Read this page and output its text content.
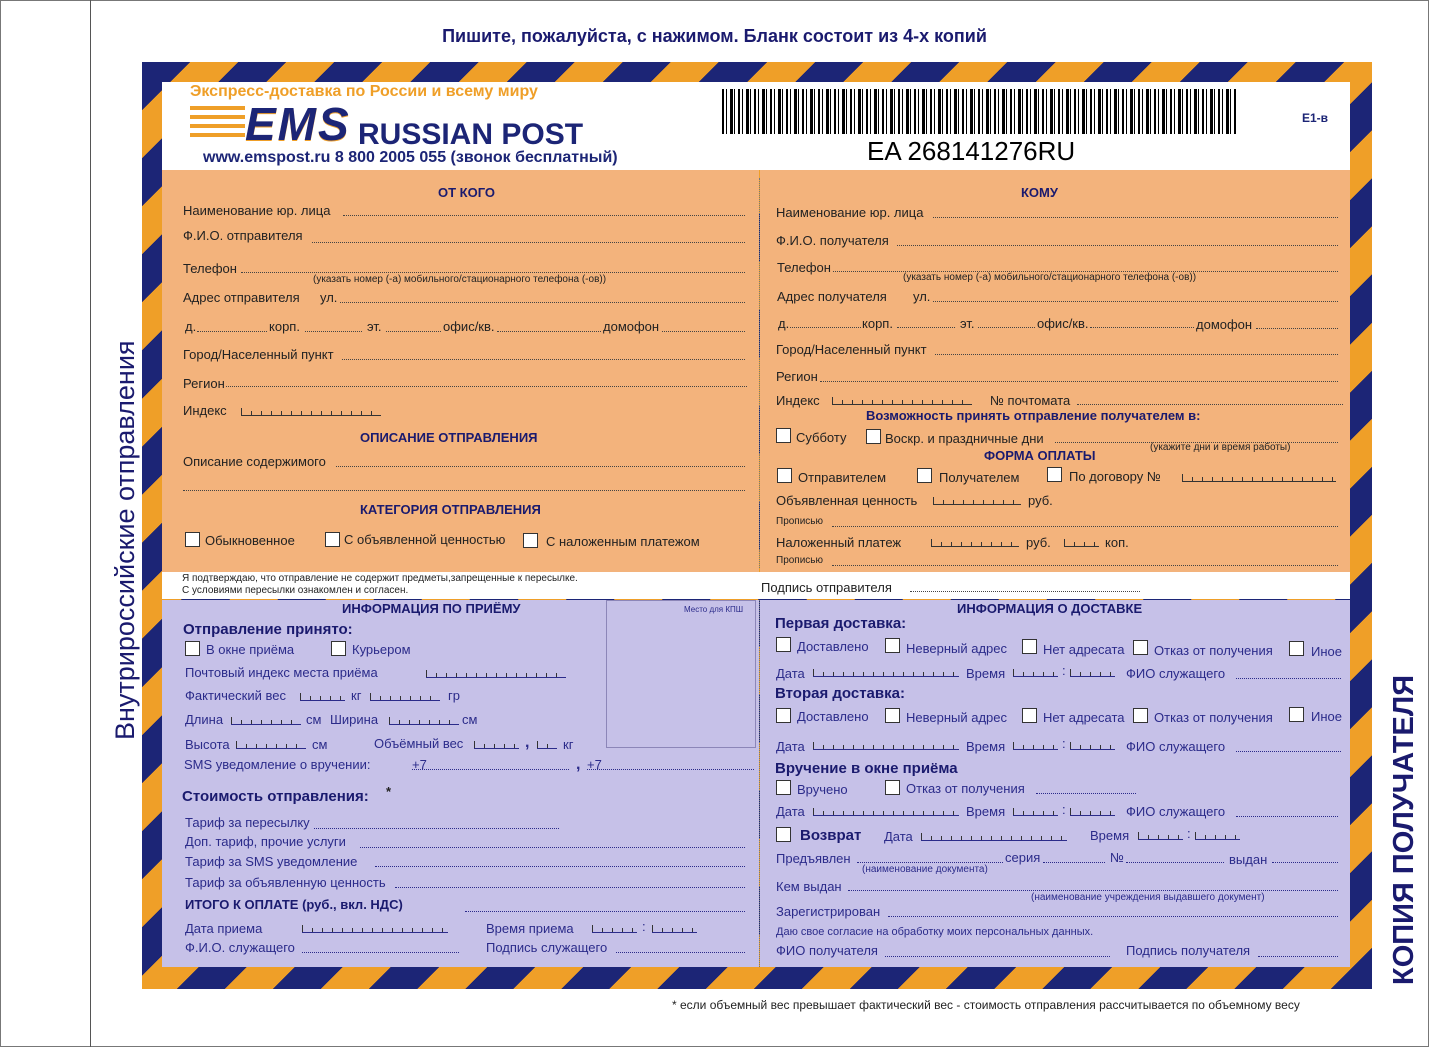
Внутрироссийские отправления
КОПИЯ ПОЛУЧАТЕЛЯ
Пишите, пожалуйста, с нажимом. Бланк состоит из 4-х копий
Экспресс-доставка по России и всему миру
EMS RUSSIAN POST
www.emspost.ru 8 800 2005 055 (звонок бесплатный)	EA 268141276RU
E1-в
ОТ КОГО
Наименование юр. лица
Ф.И.О. отправителя
Телефон
(указать номер (-а) мобильного/стационарного телефона (-ов))
Адрес отправителя ул.
д.	корп.	эт.	офис/кв.	домофон
Город/Населенный пункт
Регион
Индекс
ОПИСАНИЕ ОТПРАВЛЕНИЯ
Описание содержимого
КАТЕГОРИЯ ОТПРАВЛЕНИЯ
Обыкновенное	С объявленной ценностью	С наложенным платежом
КОМУ
Наименование юр. лица
Ф.И.О. получателя
Телефон
(указать номер (-а) мобильного/стационарного телефона (-ов))
Адрес получателя ул.
д.	корп.	эт.	офис/кв.	домофон
Город/Населенный пункт
Регион
Индекс	№ почтомата
Возможность принять отправление получателем в:
Субботу	Воскр. и праздничные дни
(укажите дни и время работы)
ФОРМА ОПЛАТЫ
Отправителем	Получателем	По договору №
Объявленная ценность	руб.
Прописью
Наложенный платеж	руб.	коп.
Прописью
Я подтверждаю, что отправление не содержит предметы,запрещенные к пересылке.
С условиями пересылки ознакомлен и согласен.	Подпись отправителя
Место для КПШ
ИНФОРМАЦИЯ ПО ПРИЁМУ
Отправление принято:
В окне приёма	Курьером
Почтовый индекс места приёма
Фактический вес	кг	гр
Длина	см Ширина	см
Высота	см	Объёмный вес	,	кг
SMS уведомление о вручении:	+7	, +7
Стоимость отправления: *
Тариф за пересылку
Доп. тариф, прочие услуги
Тариф за SMS уведомление
Тариф за объявленную ценность
ИТОГО К ОПЛАТЕ (руб., вкл. НДС)
Дата приема	Время приема	:
Ф.И.О. служащего	Подпись служащего
ИНФОРМАЦИЯ О ДОСТАВКЕ
Первая доставка:
Доставлено	Неверный адрес	Нет адресата Отказ от получения	Иное
Дата	Время	:	ФИО служащего
Вторая доставка:
Доставлено	Неверный адрес	Нет адресата Отказ от получения	Иное
Дата	Время	:	ФИО служащего
Вручение в окне приёма
Вручено	Отказ от получения
Дата	Время	:	ФИО служащего
Возврат Дата	Время	:
Предъявлен
(наименование документа)
серия	№	выдан
Кем выдан
(наименование учреждения выдавшего документ)
Зарегистрирован
Даю свое согласие на обработку моих персональных данных.
ФИО получателя	Подпись получателя
* если объемный вес превышает фактический вес - стоимость отправления рассчитывается по объемному весу
